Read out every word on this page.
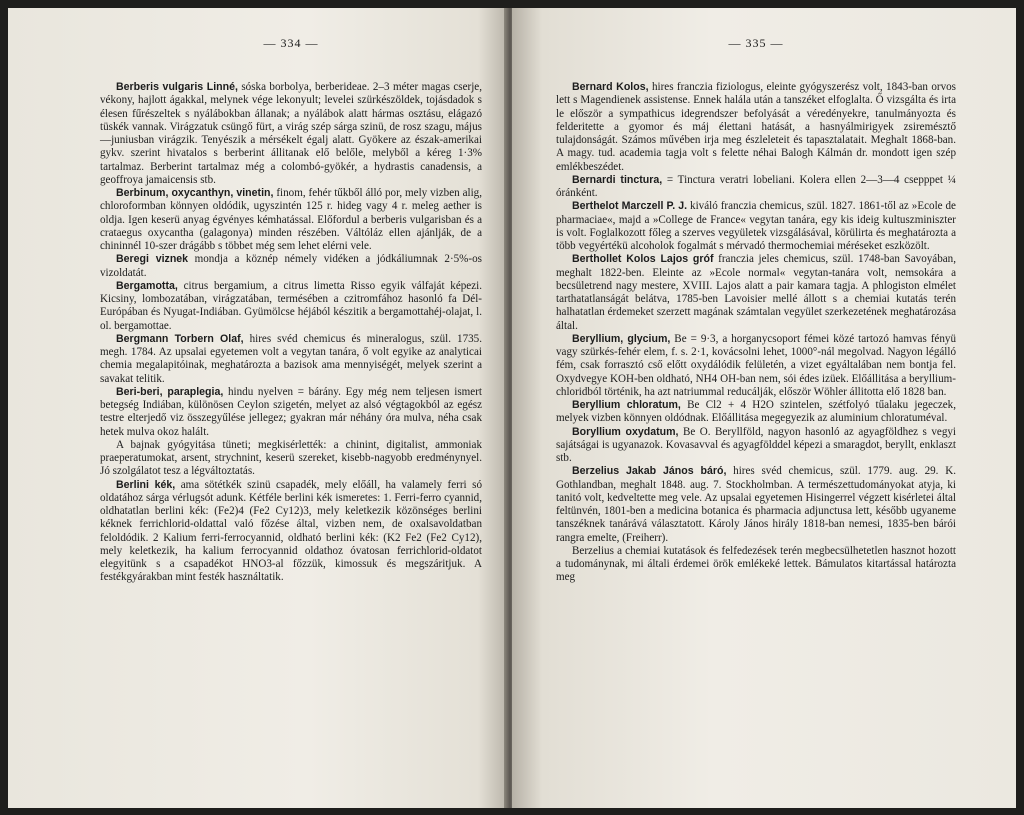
— 334 —

Berberis vulgaris Linné, sóska borbolya, berberideae. 2–3 méter magas cserje, vékony, hajlott ágakkal, melynek vége lekonyult; levelei szürkészöldek, tojásdadok s élesen fűrészeltek s nyálábokban állanak; a nyálábok alatt hármas osztásu, elágazó tüskék vannak. Virágzatuk csüngő fürt, a virág szép sárga szinü, de rosz szagu, május—juniusban virágzik. Tenyészik a mérsékelt égalj alatt. Gyökere az észak-amerikai gykv. szerint hivatalos s berberint állitanak elő belőle, melyből a kéreg 1·3% tartalmaz. Berberint tartalmaz még a colombó-gyökér, a hydrastis canadensis, a geoffroya jamaicensis stb.

Berbinum, oxycanthyn, vinetin, finom, fehér tűkből álló por, mely vizben alig, chloroformban könnyen oldódik, ugyszintén 125 r. hideg vagy 4 r. meleg aether is oldja. Igen keserü anyag égvényes kémhatással. Előfordul a berberis vulgarisban és a crataegus oxycantha (galagonya) minden részében. Váltóláz ellen ajánlják, de a chininnél 10-szer drágább s többet még sem lehet elérni vele.

Beregi viznek mondja a köznép némely vidéken a jódkáliumnak 2·5%-os vizoldatát.

Bergamotta, citrus bergamium, a citrus limetta Risso egyik válfaját képezi. Kicsiny, lombozatában, virágzatában, termésében a czitromfához hasonló fa Dél-Európában és Nyugat-Indiában. Gyümölcse héjából készitik a bergamottahéj-olajat, l. ol. bergamottae.

Bergmann Torbern Olaf, hires svéd chemicus és mineralogus, szül. 1735. megh. 1784. Az upsalai egyetemen volt a vegytan tanára, ő volt egyike az analyticai chemia megalapitóinak, meghatározta a bazisok ama mennyiségét, melyek szerint a savakat telitik.

Beri-beri, paraplegia, hindu nyelven = bárány. Egy még nem teljesen ismert betegség Indiában, különösen Ceylon szigetén, melyet az alsó végtagokból az egész testre elterjedő viz összegyűlése jellegez; gyakran már néhány óra mulva, néha csak hetek mulva okoz halált.

A bajnak gyógyitása tüneti; megkisérlették: a chinint, digitalist, ammoniak praeperatumokat, arsent, strychnint, keserü szereket, kisebb-nagyobb eredménynyel. Jó szolgálatot tesz a légváltoztatás.

Berlini kék, ama sötétkék szinü csapadék, mely előáll, ha valamely ferri só oldatához sárga vérlugsót adunk. Kétféle berlini kék ismeretes: 1. Ferri-ferro cyannid, oldhatatlan berlini kék: (Fe2)4 (Fe2 Cy12)3, mely keletkezik közönséges berlini kéknek ferrichlorid-oldattal való főzése által, vizben nem, de oxalsavoldatban feloldódik. 2 Kalium ferri-ferrocyannid, oldható berlini kék: (K2 Fe2 (Fe2 Cy12), mely keletkezik, ha kalium ferrocyannid oldathoz óvatosan ferrichlorid-oldatot elegyitünk s a csapadékot HNO3-al főzzük, kimossuk és megszáritjuk. A festékgyárakban mint festék használtatik.

— 335 —

Bernard Kolos, hires franczia fiziologus, eleinte gyógyszerész volt, 1843-ban orvos lett s Magendienek assistense. Ennek halála után a tanszéket elfoglalta. Ő vizsgálta és irta le először a sympathicus idegrendszer befolyását a véredényekre, tanulmányozta és felderitette a gyomor és máj élettani hatását, a hasnyálmirigyek zsiremésztő tulajdonságát. Számos művében irja meg észleleteit és tapasztalatait. Meghalt 1868-ban. A magy. tud. academia tagja volt s felette néhai Balogh Kálmán dr. mondott igen szép emlékbeszédet.

Bernardi tinctura, = Tinctura veratri lobeliani. Kolera ellen 2—3—4 csepppet ¼ óránként.

Berthelot Marczell P. J. kiváló franczia chemicus, szül. 1827. 1861-től az »Ecole de pharmaciae«, majd a »College de France« vegytan tanára, egy kis ideig kultuszminiszter is volt. Foglalkozott főleg a szerves vegyületek vizsgálásával, körülirta és meghatározta a több vegyértékü alcoholok fogalmát s mérvadó thermochemiai méréseket eszközölt.

Berthollet Kolos Lajos gróf franczia jeles chemicus, szül. 1748-ban Savoyában, meghalt 1822-ben. Eleinte az »Ecole normal« vegytan-tanára volt, nemsokára a becsületrend nagy mestere, XVIII. Lajos alatt a pair kamara tagja. A phlogiston elmélet tarthatatlanságát belátva, 1785-ben Lavoisier mellé állott s a chemiai kutatás terén halhatatlan érdemeket szerzett magának számtalan vegyület szerkezetének meghatározása által.

Beryllium, glycium, Be = 9·3, a horganycsoport fémei közé tartozó hamvas fényü vagy szürkés-fehér elem, f. s. 2·1, kovácsolni lehet, 1000°-nál megolvad. Nagyon légálló fém, csak forrasztó cső előtt oxydálódik felületén, a vizet egyáltalában nem bontja fel. Oxydvegye KOH-ben oldható, NH4 OH-ban nem, sói édes izüek. Előállitása a beryllium-chloridból történik, ha azt natriummal reducálják, először Wöhler állitotta elő 1828 ban.

Beryllium chloratum, Be Cl2 + 4 H2O szintelen, szétfolyó tűalaku jegeczek, melyek vizben könnyen oldódnak. Előállitása megegyezik az aluminium chloratuméval.

Boryllium oxydatum, Be O. Beryllföld, nagyon hasonló az agyagföldhez s vegyi sajátságai is ugyanazok. Kovasavval és agyagfölddel képezi a smaragdot, beryllt, enklaszt stb.

Berzelius Jakab János báró, hires svéd chemicus, szül. 1779. aug. 29. K. Gothlandban, meghalt 1848. aug. 7. Stockholmban. A természettudományokat atyja, ki tanitó volt, kedveltette meg vele. Az upsalai egyetemen Hisingerrel végzett kisérletei által feltünvén, 1801-ben a medicina botanica és pharmacia adjunctusa lett, később ugyaneme tanszéknek tanárává választatott. Károly János hirály 1818-ban nemesi, 1835-ben bárói rangra emelte, (Freiherr).

Berzelius a chemiai kutatások és felfedezések terén megbecsülhetetlen hasznot hozott a tudománynak, mi általi érdemei örök emlékeké lettek. Bámulatos kitartással határozta meg
